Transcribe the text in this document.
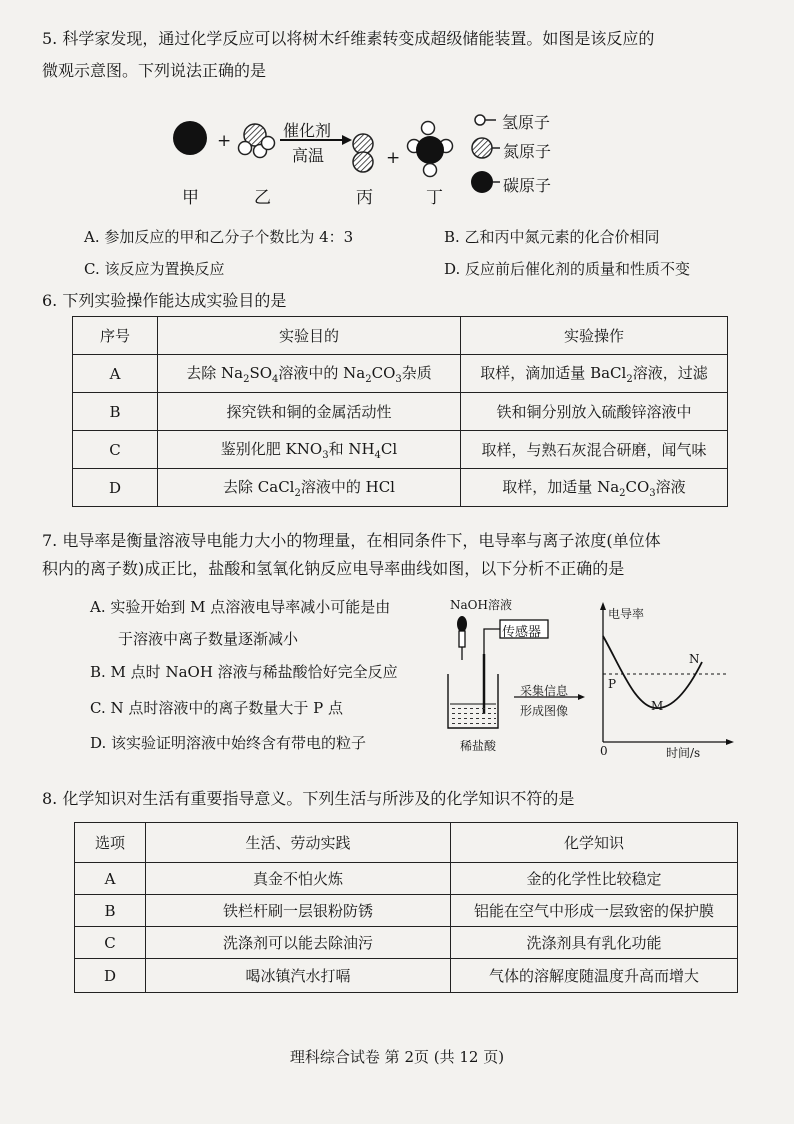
5. 科学家发现，通过化学反应可以将树木纤维素转变成超级储能装置。如图是该反应的
微观示意图。下列说法正确的是
+
+
催化剂
高温
甲	乙	丙	丁
氢原子
氮原子
碳原子
A. 参加反应的甲和乙分子个数比为 4：3	B. 乙和丙中氮元素的化合价相同
C. 该反应为置换反应	D. 反应前后催化剂的质量和性质不变
6. 下列实验操作能达成实验目的是
序号	实验目的	实验操作
A	去除 $Na_2SO_4$溶液中的 $Na_2CO_3$杂质	取样，滴加适量 BaCl$_2$溶液，过滤
B	探究铁和铜的金属活动性	铁和铜分别放入硫酸锌溶液中
C	鉴别化肥 $KNO_3$和 $NH_4Cl$	取样，与熟石灰混合研磨，闻气味
D	去除 CaCl$_2$溶液中的 HCl	取样，加适量 $Na_2CO_3$溶液
7. 电导率是衡量溶液导电能力大小的物理量，在相同条件下，电导率与离子浓度(单位体
积内的离子数)成正比，盐酸和氢氧化钠反应电导率曲线如图，以下分析不正确的是
A. 实验开始到 M 点溶液电导率减小可能是由
于溶液中离子数量逐渐减小
B. M 点时 NaOH 溶液与稀盐酸恰好完全反应
C. N 点时溶液中的离子数量大于 P 点
D. 该实验证明溶液中始终含有带电的粒子
NaOH溶液
传感器
稀盐酸
采集信息
形成图像
电导率
0	时间/s
P
M
N
8. 化学知识对生活有重要指导意义。下列生活与所涉及的化学知识不符的是
选项	生活、劳动实践	化学知识
A	真金不怕火炼	金的化学性比较稳定
B	铁栏杆刷一层银粉防锈	铝能在空气中形成一层致密的保护膜
C	洗涤剂可以能去除油污	洗涤剂具有乳化功能
D	喝冰镇汽水打嗝	气体的溶解度随温度升高而增大
理科综合试卷 第 2页 (共 12 页)
